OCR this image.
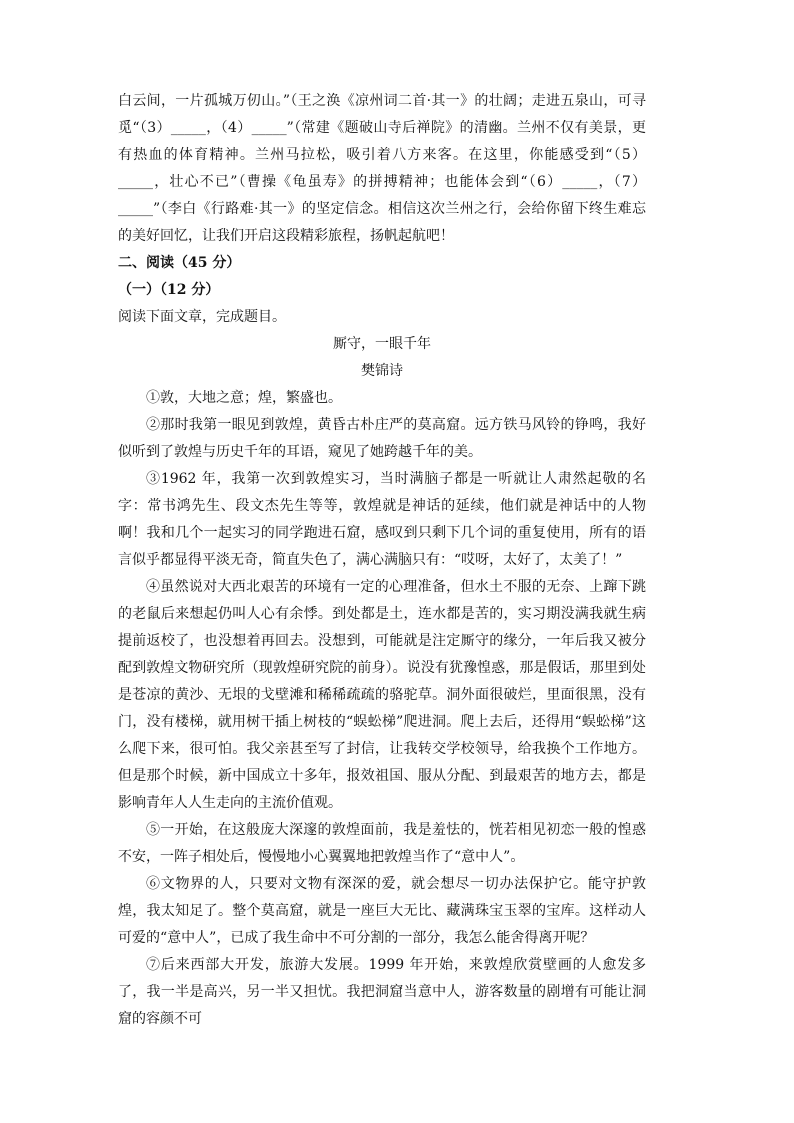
白云间，一片孤城万仞山。”（王之涣《凉州词二首·其一》的壮阔；走进五泉山，可寻觅“（3）_____，（4）_____”（常建《题破山寺后禅院》的清幽。兰州不仅有美景，更有热血的体育精神。兰州马拉松，吸引着八方来客。在这里，你能感受到“（5）_____，壮心不已”（曹操《龟虽寿》的拼搏精神；也能体会到“（6）_____，（7）_____”（李白《行路难·其一》的坚定信念。相信这次兰州之行，会给你留下终生难忘的美好回忆，让我们开启这段精彩旅程，扬帆起航吧！

二、阅读（45 分）

（一）（12 分）

阅读下面文章，完成题目。

厮守，一眼千年

樊锦诗

①敦，大地之意；煌，繁盛也。

②那时我第一眼见到敦煌，黄昏古朴庄严的莫高窟。远方铁马风铃的铮鸣，我好似听到了敦煌与历史千年的耳语，窥见了她跨越千年的美。

③1962 年，我第一次到敦煌实习，当时满脑子都是一听就让人肃然起敬的名字：常书鸿先生、段文杰先生等等，敦煌就是神话的延续，他们就是神话中的人物啊！我和几个一起实习的同学跑进石窟，感叹到只剩下几个词的重复使用，所有的语言似乎都显得平淡无奇，简直失色了，满心满脑只有：“哎呀，太好了，太美了！”

④虽然说对大西北艰苦的环境有一定的心理准备，但水土不服的无奈、上蹿下跳的老鼠后来想起仍叫人心有余悸。到处都是土，连水都是苦的，实习期没满我就生病提前返校了，也没想着再回去。没想到，可能就是注定厮守的缘分，一年后我又被分配到敦煌文物研究所（现敦煌研究院的前身）。说没有犹豫惶惑，那是假话，那里到处是苍凉的黄沙、无垠的戈壁滩和稀稀疏疏的骆驼草。洞外面很破烂，里面很黑，没有门，没有楼梯，就用树干插上树枝的“蜈蚣梯”爬进洞。爬上去后，还得用“蜈蚣梯”这么爬下来，很可怕。我父亲甚至写了封信，让我转交学校领导，给我换个工作地方。但是那个时候，新中国成立十多年，报效祖国、服从分配、到最艰苦的地方去，都是影响青年人人生走向的主流价值观。

⑤一开始，在这般庞大深邃的敦煌面前，我是羞怯的，恍若相见初恋一般的惶惑不安，一阵子相处后，慢慢地小心翼翼地把敦煌当作了“意中人”。

⑥文物界的人，只要对文物有深深的爱，就会想尽一切办法保护它。能守护敦煌，我太知足了。整个莫高窟，就是一座巨大无比、藏满珠宝玉翠的宝库。这样动人可爱的“意中人”，已成了我生命中不可分割的一部分，我怎么能舍得离开呢？

⑦后来西部大开发，旅游大发展。1999 年开始，来敦煌欣赏壁画的人愈发多了，我一半是高兴，另一半又担忧。我把洞窟当意中人，游客数量的剧增有可能让洞窟的容颜不可
